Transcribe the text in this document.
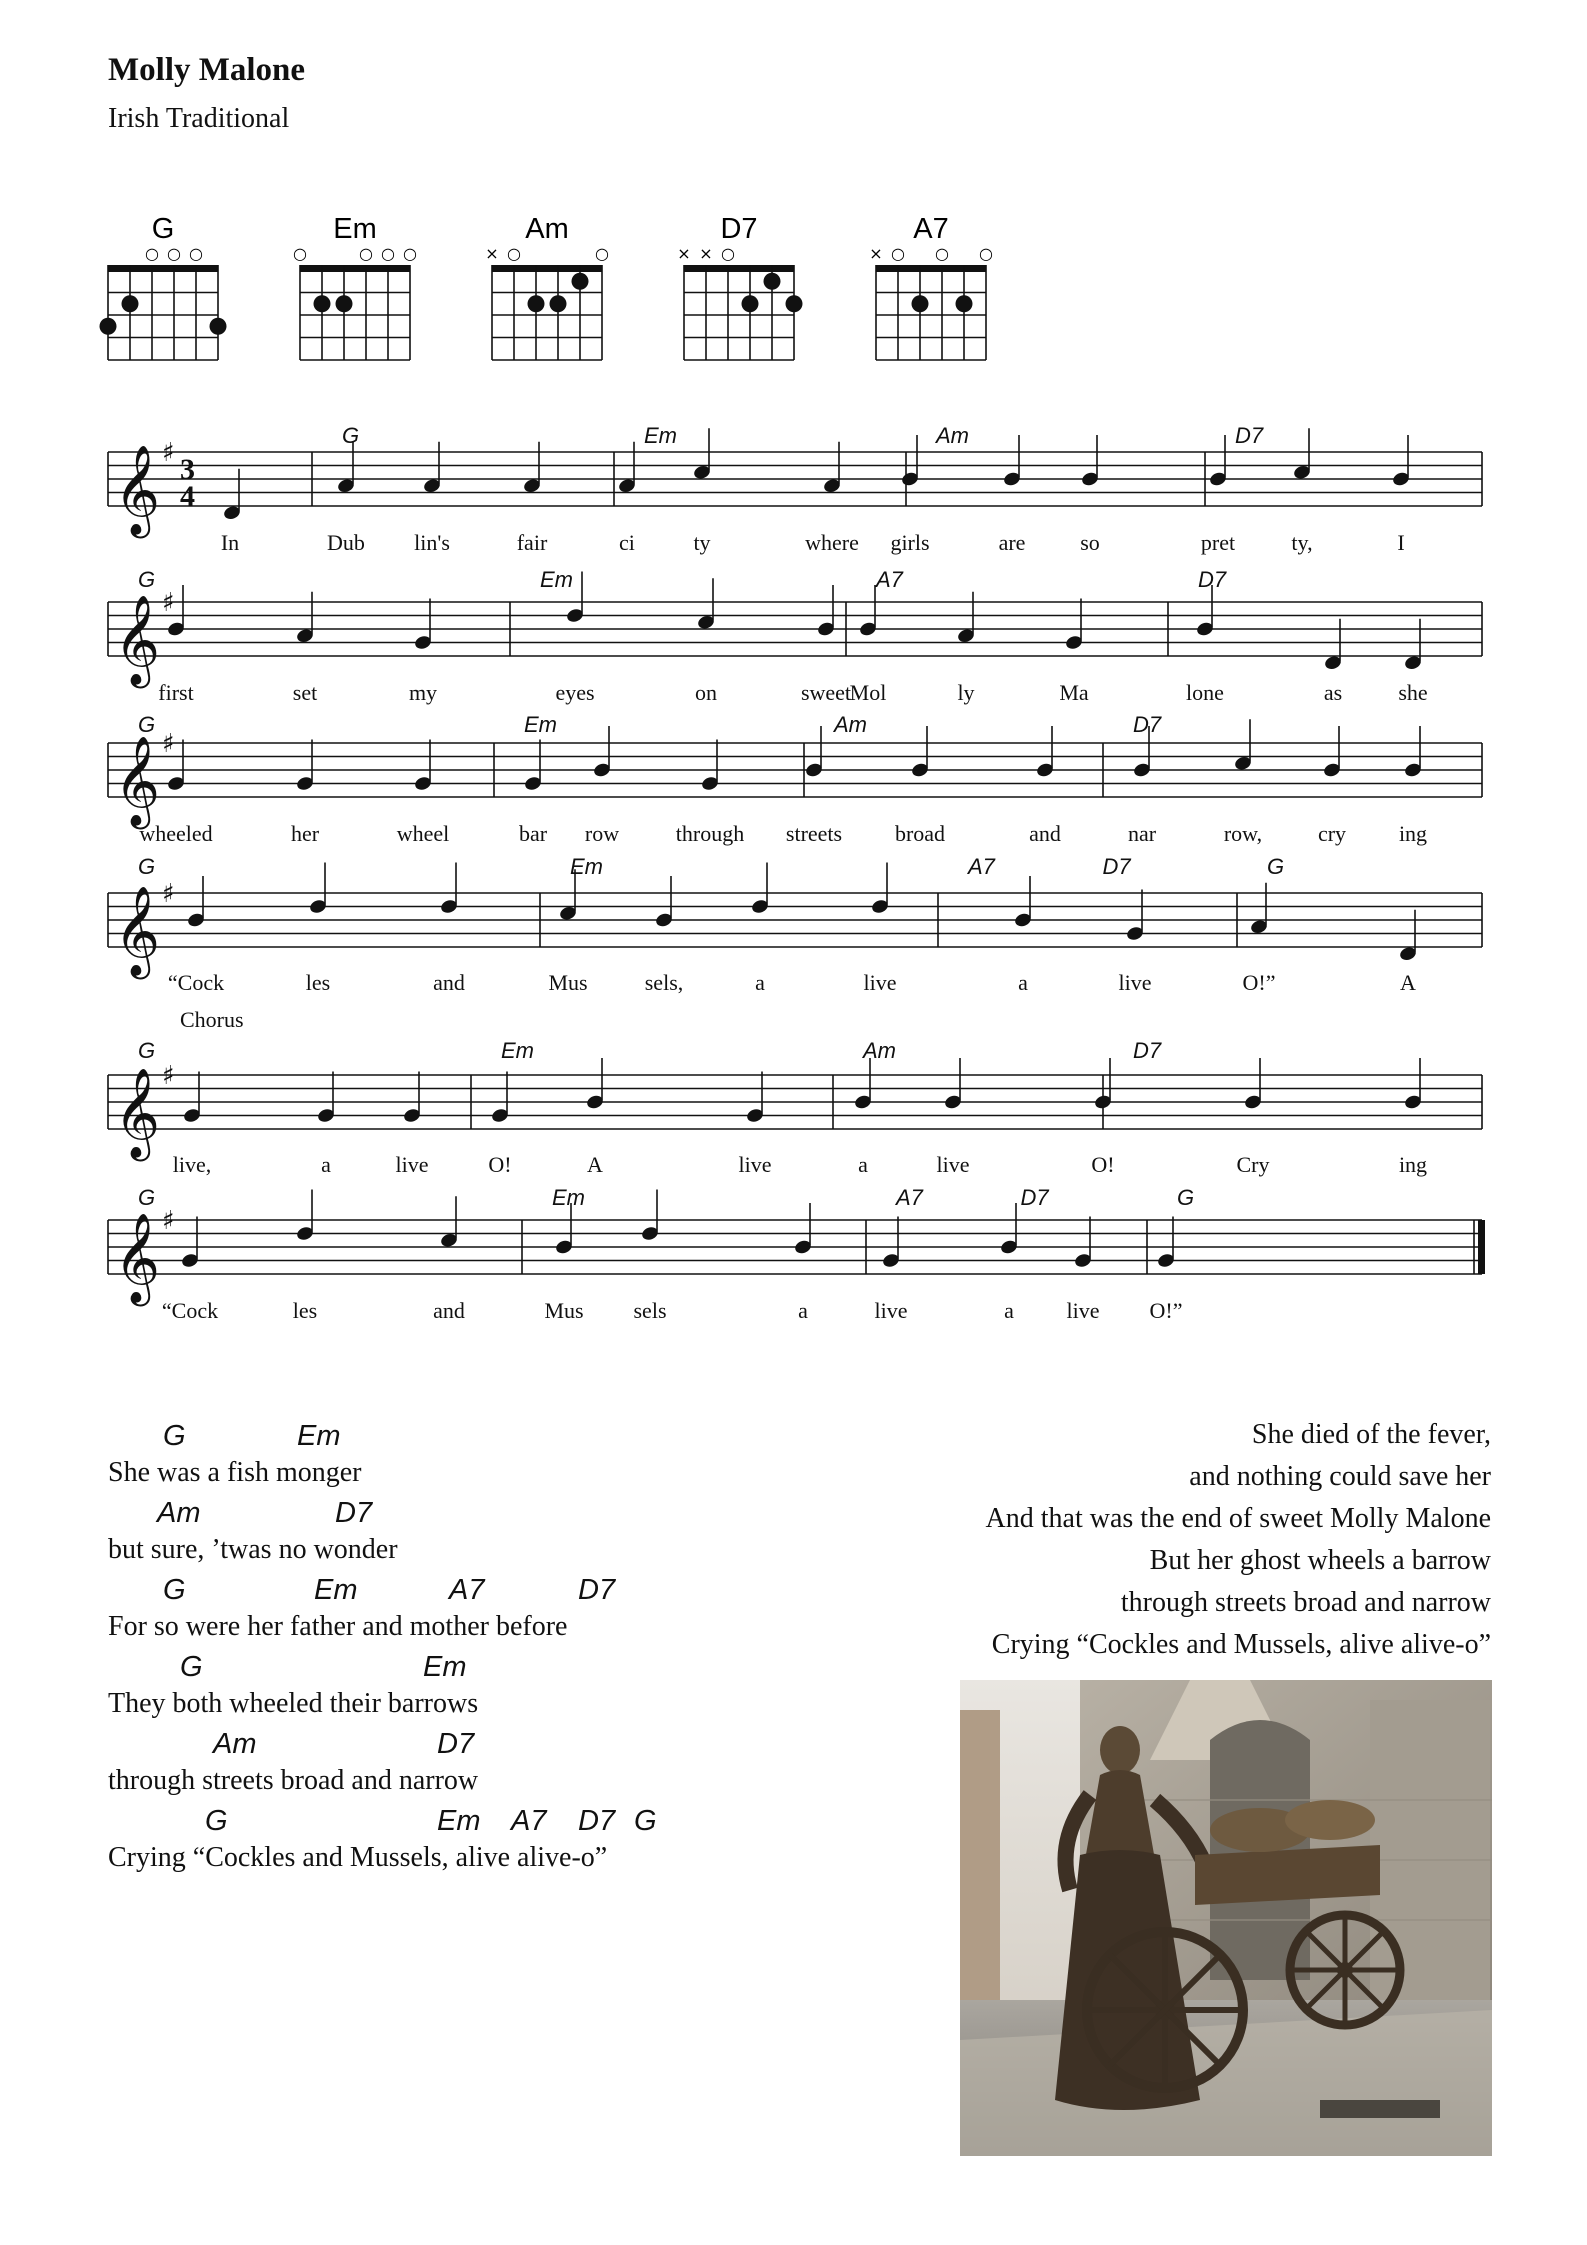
Molly Malone
Irish Traditional
G
○ ○ ○
Em
○	○ ○ ○
Am
× ○	○
D7
× × ○
A7
× ○ ○ ○
𝄞 ♯ 3
4
𝄞 ♯
𝄞 ♯
𝄞 ♯
𝄞 ♯
𝄞 ♯
G	Em	Am	D7
In	Dub lin's	fair	ci	ty	where girls	are so	pret	ty,	I
G	Em	A7	D7
first	set	my	eyes	on	sweet
Mol	ly	Ma	lone	as	she
G	Em	Am	D7
wheeled	her	wheel	bar row	through streets broad	and	nar	row,	cry ing
G	Em	A7	D7	G
“Cock	les	and	Mus	sels,	a	live	a	live	O!”	A
G	Em	Am	D7
live,	a	live	O!	A	live	a	live	O!	Cry	ing
G	Em	A7	D7	G
“Cock	les	and	Mus sels	a	live	a live O!”
Chorus
She was a fish monger
but sure, ’twas no wonder
For so were her father and mother before
They both wheeled their barrows
through streets broad and narrow
Crying “Cockles and Mussels, alive alive-o”
G	Em
Am	D7
G	Em	A7	D7
G	Em
Am	D7
G	Em A7 D7 G
She died of the fever,
and nothing could save her
And that was the end of sweet Molly Malone
But her ghost wheels a barrow
through streets broad and narrow
Crying “Cockles and Mussels, alive alive-o”
